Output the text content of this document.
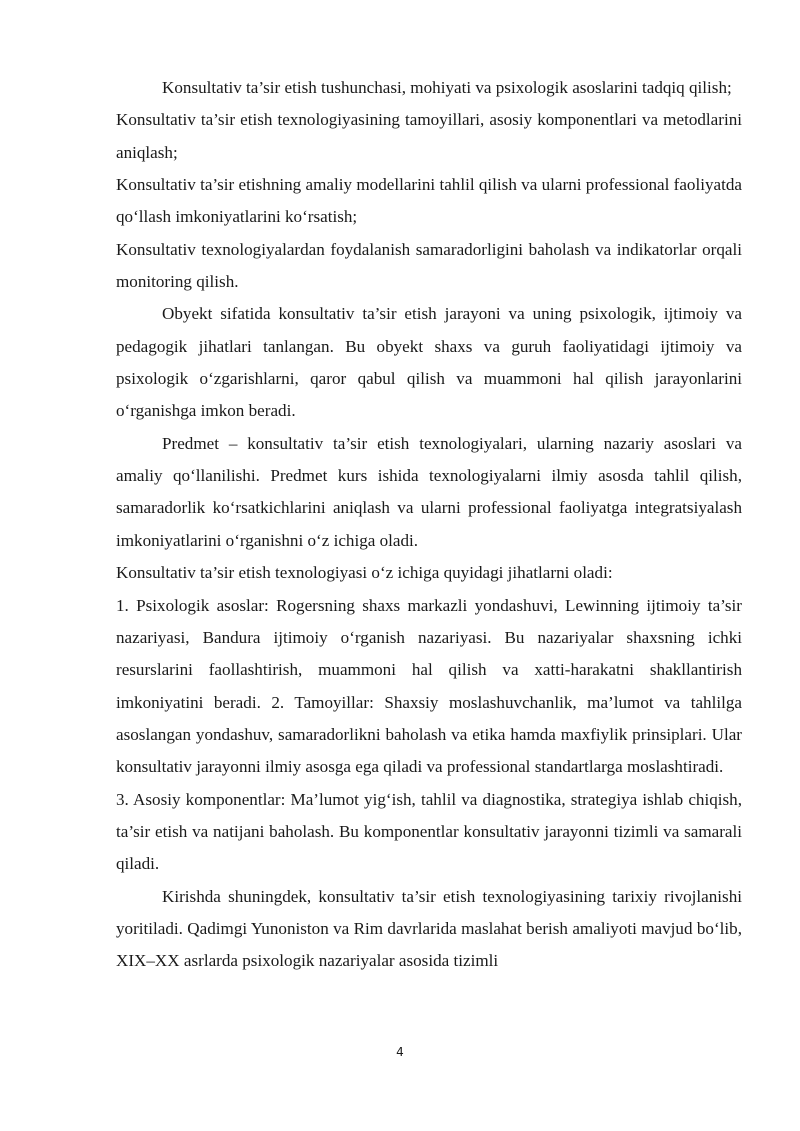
Konsultativ ta’sir etish tushunchasi, mohiyati va psixologik asoslarini tadqiq qilish;

Konsultativ ta’sir etish texnologiyasining tamoyillari, asosiy komponentlari va metodlarini aniqlash;

Konsultativ ta’sir etishning amaliy modellarini tahlil qilish va ularni professional faoliyatda qo‘llash imkoniyatlarini ko‘rsatish;

Konsultativ texnologiyalardan foydalanish samaradorligini baholash va indikatorlar orqali monitoring qilish.

Obyekt sifatida konsultativ ta’sir etish jarayoni va uning psixologik, ijtimoiy va pedagogik jihatlari tanlangan. Bu obyekt shaxs va guruh faoliyatidagi ijtimoiy va psixologik o‘zgarishlarni, qaror qabul qilish va muammoni hal qilish jarayonlarini o‘rganishga imkon beradi.

Predmet – konsultativ ta’sir etish texnologiyalari, ularning nazariy asoslari va amaliy qo‘llanilishi. Predmet kurs ishida texnologiyalarni ilmiy asosda tahlil qilish, samaradorlik ko‘rsatkichlarini aniqlash va ularni professional faoliyatga integratsiyalash imkoniyatlarini o‘rganishni o‘z ichiga oladi.

Konsultativ ta’sir etish texnologiyasi o‘z ichiga quyidagi jihatlarni oladi:

1. Psixologik asoslar: Rogersning shaxs markazli yondashuvi, Lewinning ijtimoiy ta’sir nazariyasi, Bandura ijtimoiy o‘rganish nazariyasi. Bu nazariyalar shaxsning ichki resurslarini faollashtirish, muammoni hal qilish va xatti-harakatni shakllantirish imkoniyatini beradi. 2. Tamoyillar: Shaxsiy moslashuvchanlik, ma’lumot va tahlilga asoslangan yondashuv, samaradorlikni baholash va etika hamda maxfiylik prinsiplari. Ular konsultativ jarayonni ilmiy asosga ega qiladi va professional standartlarga moslashtiradi.

3. Asosiy komponentlar: Ma’lumot yig‘ish, tahlil va diagnostika, strategiya ishlab chiqish, ta’sir etish va natijani baholash. Bu komponentlar konsultativ jarayonni tizimli va samarali qiladi.

Kirishda shuningdek, konsultativ ta’sir etish texnologiyasining tarixiy rivojlanishi yoritiladi. Qadimgi Yunoniston va Rim davrlarida maslahat berish amaliyoti mavjud bo‘lib, XIX–XX asrlarda psixologik nazariyalar asosida tizimli

4
